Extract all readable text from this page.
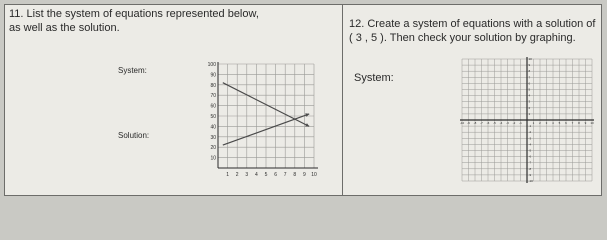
11. List the system of equations represented below,
as well as the solution.
System:
Solution:
10
20
30
40
50
60
70
80
90
100
1 2 3 4 5 6 7 8 9 10
12. Create a system of equations with a solution of
( 3 , 5 ). Then check your solution by graphing.
System:
-10 -9 -8 -7 -6 -5 -4 -3 -2 -1	1 2 3 4 5 6 7 8 9 10
10
9
8
7
6
5
4
3
2
1
-1
-2
-3
-4
-5
-6
-7
-8
-9
-10
